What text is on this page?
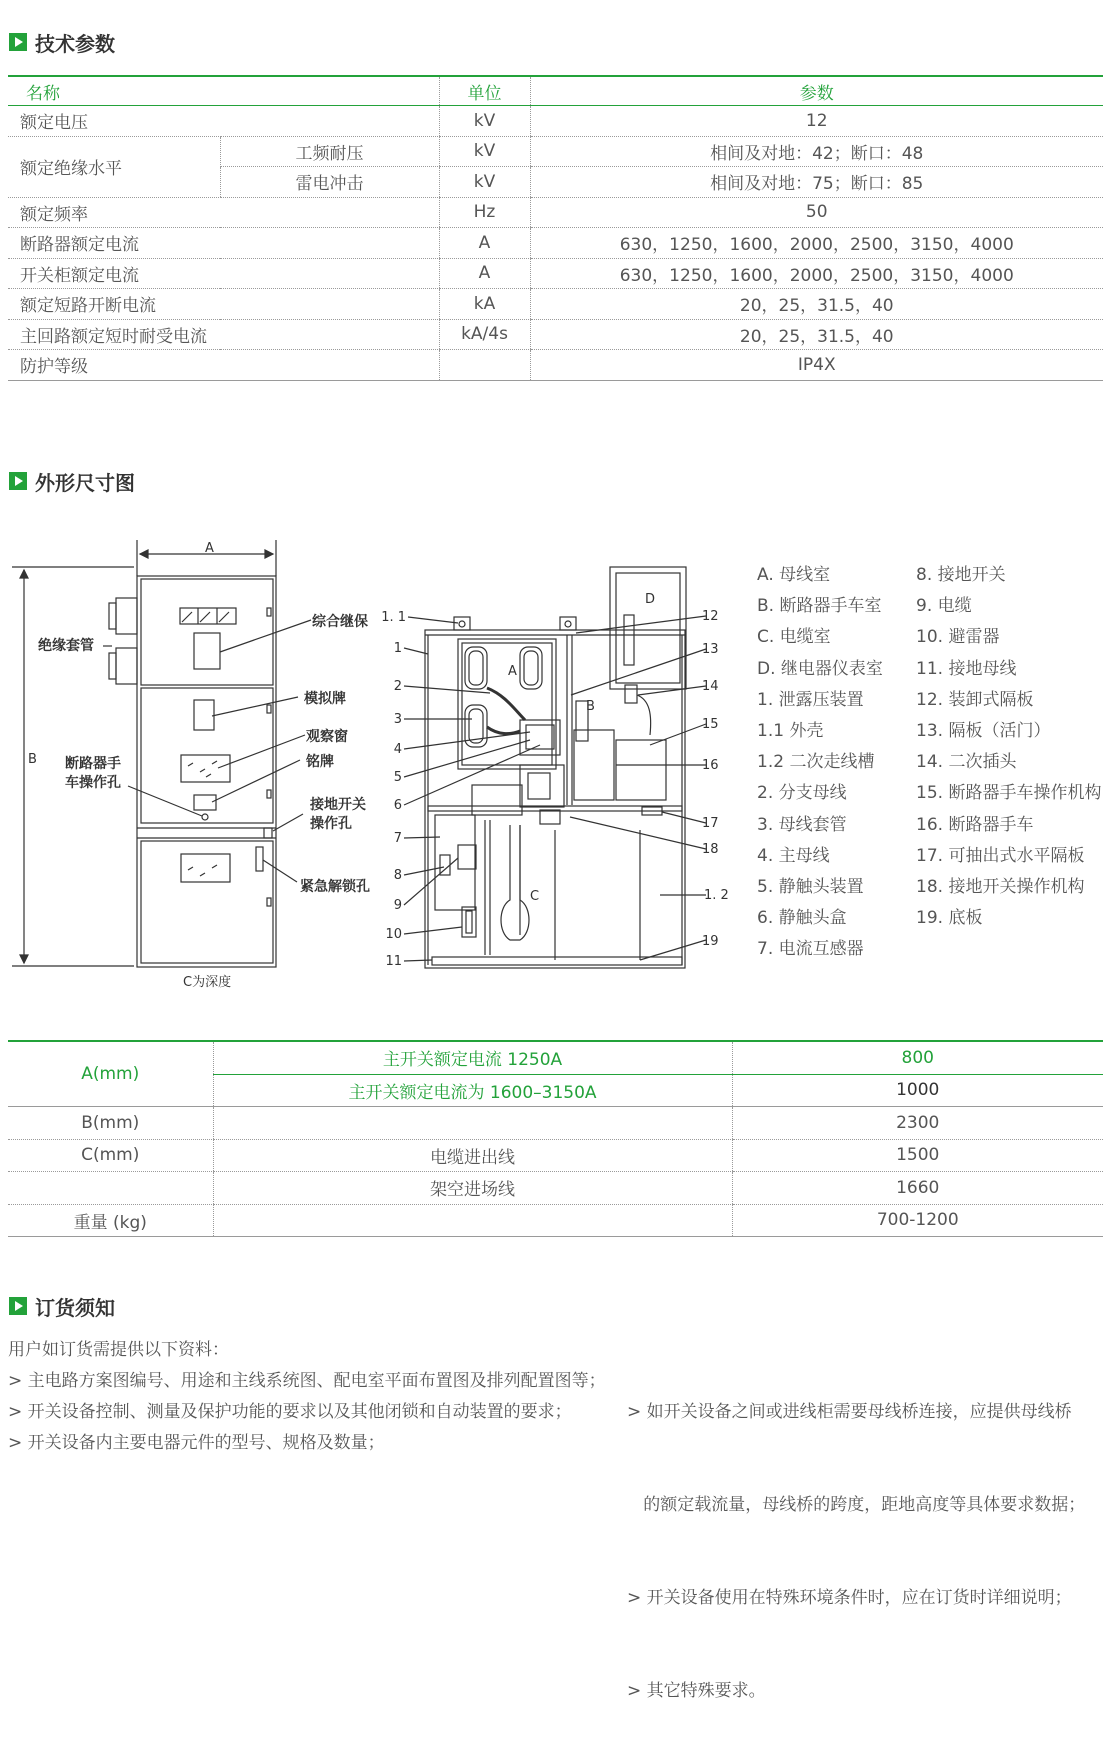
技术参数
名称		单位	参数
额定电压		kV	12
额定绝缘水平	工频耐压	kV	相间及对地：42；断口：48
	雷电冲击	kV	相间及对地：75；断口：85
额定频率		Hz	50
断路器额定电流		A	630，1250，1600，2000，2500，3150，4000
开关柜额定电流		A	630，1250，1600，2000，2500，3150，4000
额定短路开断电流		kA	20，25，31.5，40
主回路额定短时耐受电流		kA/4s	20，25，31.5，40
防护等级			IP4X
外形尺寸图
A
B
C为深度
绝缘套管
综合继保
模拟牌
观察窗
铭牌
断路器手
车操作孔
接地开关
操作孔
紧急解锁孔
A
B
C
D
1. 1
1
2
3
4
5
6
7
8
9
10
11
12
13
14
15
16
17
18
1. 2
19
A. 母线室
B. 断路器手车室
C. 电缆室
D. 继电器仪表室
1. 泄露压装置
1.1 外壳
1.2 二次走线槽
2. 分支母线
3. 母线套管
4. 主母线
5. 静触头装置
6. 静触头盒
7. 电流互感器
8. 接地开关
9. 电缆
10. 避雷器
11. 接地母线
12. 装卸式隔板
13. 隔板（活门）
14. 二次插头
15. 断路器手车操作机构
16. 断路器手车
17. 可抽出式水平隔板
18. 接地开关操作机构
19. 底板
A(mm)	主开关额定电流 1250A	800
	主开关额定电流为 1600–3150A	1000
B(mm)		2300
C(mm)	电缆进出线	1500
	架空进场线	1660
重量 (kg)		700-1200
订货须知
用户如订货需提供以下资料：
> 主电路方案图编号、用途和主线系统图、配电室平面布置图及排列配置图等；
> 开关设备控制、测量及保护功能的要求以及其他闭锁和自动装置的要求；
> 开关设备内主要电器元件的型号、规格及数量；

> 如开关设备之间或进线柜需要母线桥连接，应提供母线桥

的额定载流量，母线桥的跨度，距地高度等具体要求数据；

> 开关设备使用在特殊环境条件时，应在订货时详细说明；

> 其它特殊要求。
